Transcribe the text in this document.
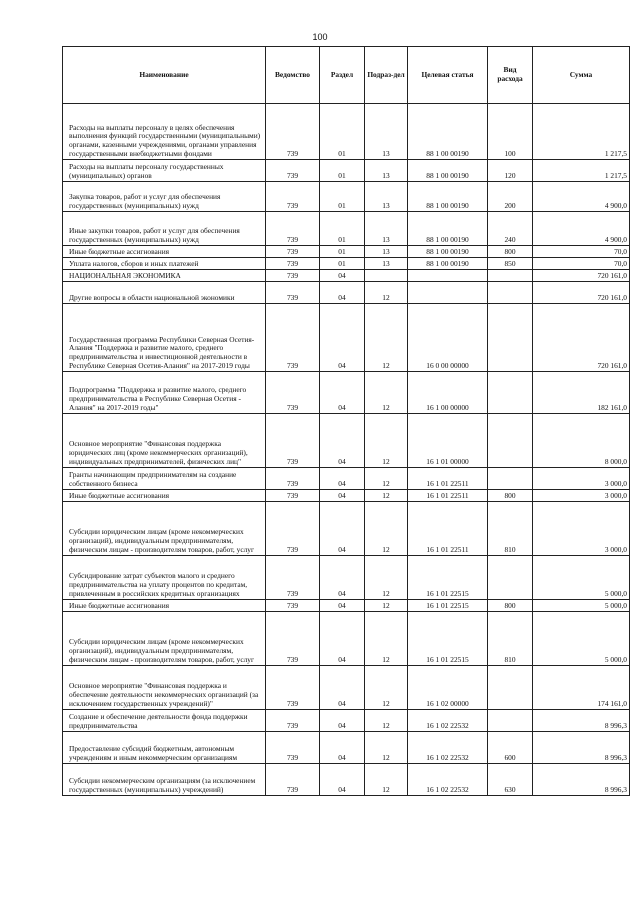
100
Наименование	Ведомство	Раздел	Подраз-дел	Целевая статья	Вид расхода	Сумма
Расходы на выплаты персоналу в целях обеспечения выполнения функций государственными (муниципальными) органами, казенными учреждениями, органами управления государственными внебюджетными фондами	739	01	13	88 1 00 00190	100	1 217,5
Расходы на выплаты персоналу государственных (муниципальных) органов	739	01	13	88 1 00 00190	120	1 217,5
Закупка товаров, работ и услуг для обеспечения государственных (муниципальных) нужд	739	01	13	88 1 00 00190	200	4 900,0
Иные закупки товаров, работ и услуг для обеспечения государственных (муниципальных) нужд	739	01	13	88 1 00 00190	240	4 900,0
Иные бюджетные ассигнования	739	01	13	88 1 00 00190	800	70,0
Уплата налогов, сборов и иных платежей	739	01	13	88 1 00 00190	850	70,0
НАЦИОНАЛЬНАЯ ЭКОНОМИКА	739	04				720 161,0
Другие вопросы в области национальной экономики	739	04	12			720 161,0
Государственная программа Республики Северная Осетия-Алания "Поддержка и развитие малого, среднего предпринимательства и инвестиционной деятельности в Республике Северная Осетия-Алания" на 2017-2019 годы	739	04	12	16 0 00 00000		720 161,0
Подпрограмма "Поддержка и развитие малого, среднего предпринимательства в Республике Северная Осетия - Алания" на 2017-2019 годы"	739	04	12	16 1 00 00000		182 161,0
Основное мероприятие "Финансовая поддержка юридических лиц (кроме некоммерческих организаций), индивидуальных предпринимателей, физических лиц"	739	04	12	16 1 01 00000		8 000,0
Гранты начинающим предпринимателям на создание собственного бизнеса	739	04	12	16 1 01 22511		3 000,0
Иные бюджетные ассигнования	739	04	12	16 1 01 22511	800	3 000,0
Субсидии юридическим лицам (кроме некоммерческих организаций), индивидуальным предпринимателям, физическим лицам - производителям товаров, работ, услуг	739	04	12	16 1 01 22511	810	3 000,0
Субсидирование затрат субъектов малого и среднего предпринимательства на уплату процентов по кредитам, привлеченным в российских кредитных организациях	739	04	12	16 1 01 22515		5 000,0
Иные бюджетные ассигнования	739	04	12	16 1 01 22515	800	5 000,0
Субсидии юридическим лицам (кроме некоммерческих организаций), индивидуальным предпринимателям, физическим лицам - производителям товаров, работ, услуг	739	04	12	16 1 01 22515	810	5 000,0
Основное мероприятие "Финансовая поддержка и обеспечение деятельности некоммерческих организаций (за исключением государственных учреждений)"	739	04	12	16 1 02 00000		174 161,0
Создание и обеспечение деятельности фонда поддержки предпринимательства	739	04	12	16 1 02 22532		8 996,3
Предоставление субсидий бюджетным, автономным учреждениям и иным некоммерческим организациям	739	04	12	16 1 02 22532	600	8 996,3
Субсидии некоммерческим организациям (за исключением государственных (муниципальных) учреждений)	739	04	12	16 1 02 22532	630	8 996,3
